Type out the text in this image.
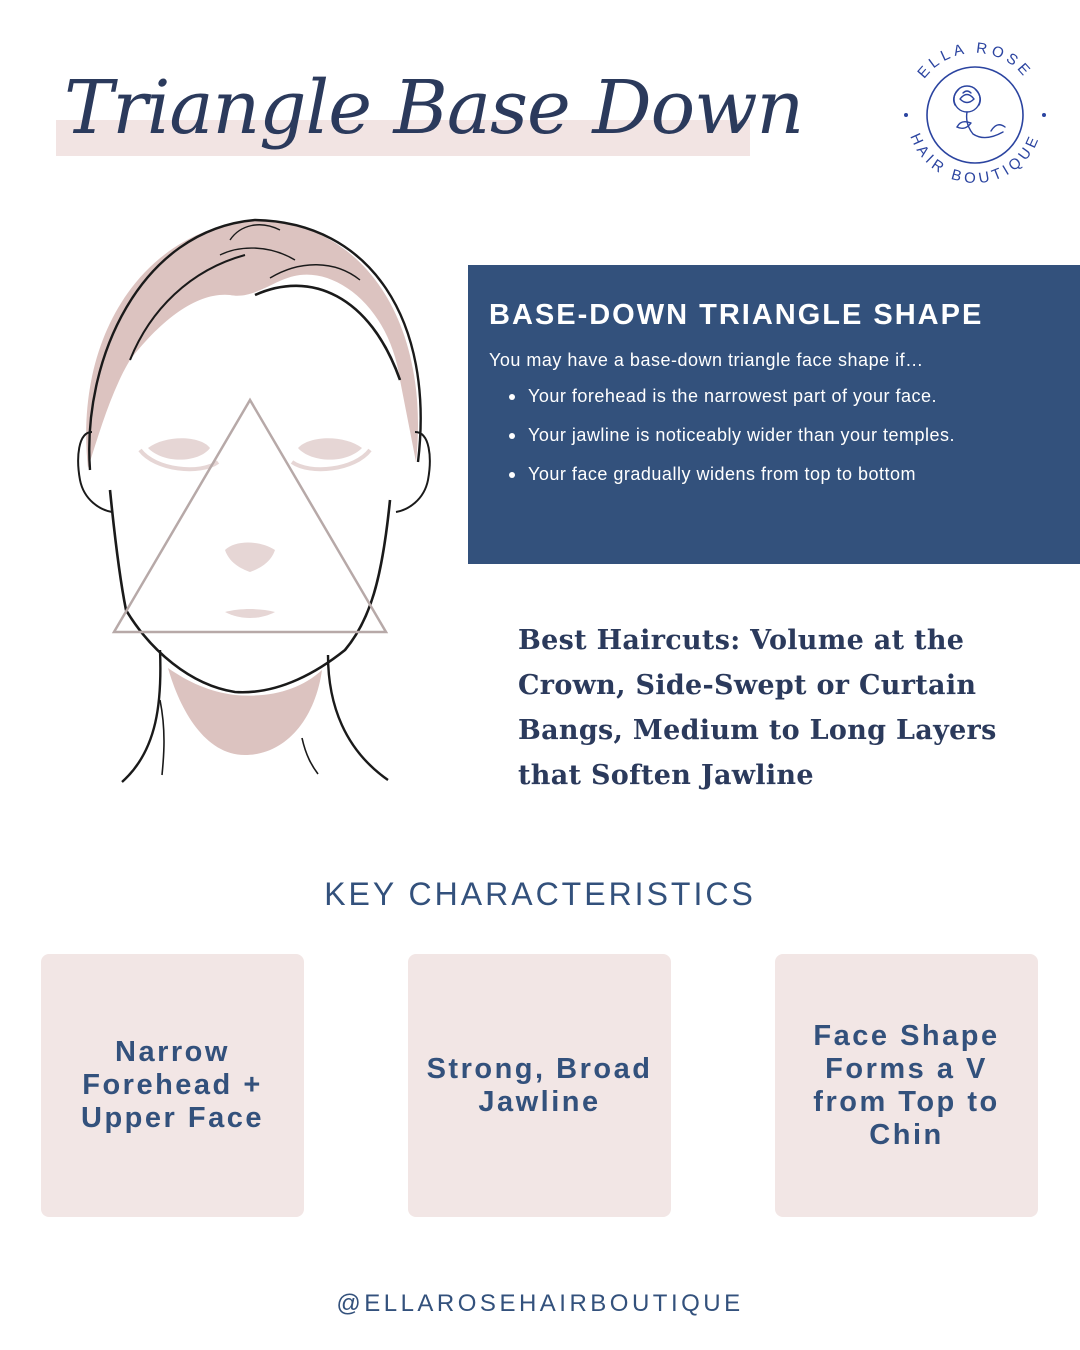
Triangle Base Down	ELLA ROSE
HAIR BOUTIQUE
BASE-DOWN TRIANGLE SHAPE

You may have a base-down triangle face shape if…

Your forehead is the narrowest part of your face.
Your jawline is noticeably wider than your temples.
Your face gradually widens from top to bottom

Best Haircuts: Volume at the Crown, Side-Swept or Curtain Bangs, Medium to Long Layers that Soften Jawline

KEY CHARACTERISTICS
Narrow Forehead + Upper Face
Strong, Broad Jawline
Face Shape Forms a V from Top to Chin

@ELLAROSEHAIRBOUTIQUE
